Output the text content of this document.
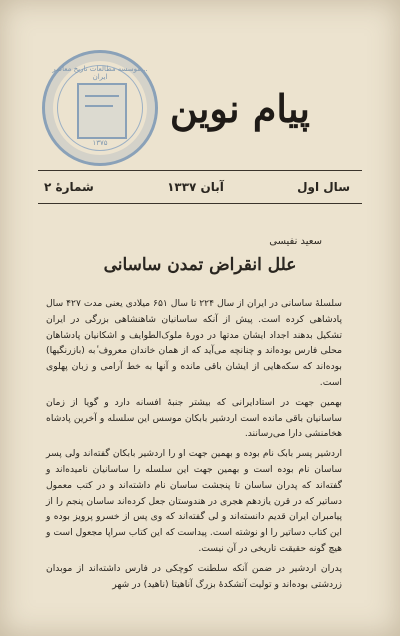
...موسسه مطالعات تاریخ معاصر ایران
۱۳۷۵
پیام نوین
سال اول
آبان ۱۳۳۷
شمارهٔ ۲
سعید نفیسی
علل انقراض تمدن ساسانی

سلسلهٔ ساسانی در ایران از سال ۲۲۴ تا سال ۶۵۱ میلادی یعنی مدت ۴۲۷ سال پادشاهی کرده است. پیش از آنکه ساسانیان شاهنشاهی بزرگی در ایران تشکیل بدهند اجداد ایشان مدتها در دورهٔ ملوک‌الطوایف و اشکانیان پادشاهان محلی فارس بوده‌اند و چنانچه می‌آید که از همان خاندان معروف ٔبه (بازرنگیها) بوده‌اند که سکه‌هایی از ایشان باقی مانده و آنها به خط آرامی و زبان پهلوی است.

بهمین جهت در استادایرانی که بیشتر جنبهٔ افسانه دارد و گویا از زمان ساسانیان باقی مانده‌ است اردشیر بابکان موسس این سلسله و آخرین پادشاه هخامنشی دارا می‌رسانند.

اردشیر پسر بابک نام بوده و بهمین جهت او را اردشیر بابکان گفته‌اند ولی پسر ساسان نام بوده است و بهمین جهت این سلسله را ساسانیان نامیده‌اند و گفته‌اند که پدران ساسان تا پنجشت ساسان نام داشته‌اند و در کتب معمول دساتیر که در قرن یازدهم هجری در هندوستان جعل کرده‌اند ساسان پنجم را از پیامبران ایران قدیم دانسته‌اند و لی گفته‌اند که وی پس از خسرو پرویز بوده و این کتاب دساتیر را او نوشته است. پیداست که این کتاب سراپا مجعول است و هیچ گونه حقیقت تاریخی در آن نیست.

پدران اردشیر در ضمن آنکه سلطنت کوچکی در فارس داشته‌اند از موبدان زردشتی بوده‌اند و تولیت آتشکدهٔ بزرگ آناهیتا (ناهید) در شهر
